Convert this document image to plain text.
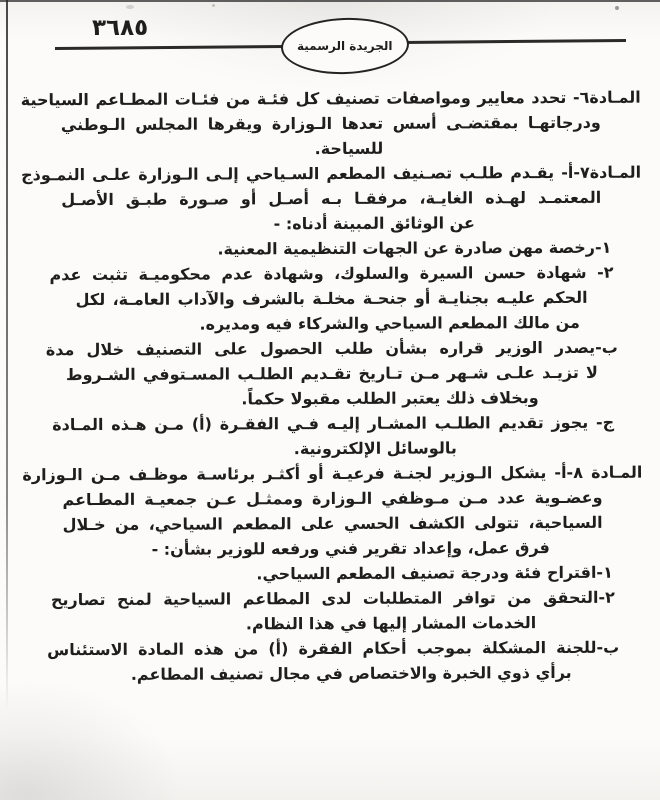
٣٦٨٥
الجريدة الرسمية
المـادة٦- تحدد معايير ومواصفات تصنيف كل فئـة من فئـات المطـاعم السياحية
ودرجاتهـا بمقتضـى أسس تعدها الـوزارة ويقرها المجلس الـوطني
للسياحة.
المـادة٧-أ- يقـدم طلـب تصـنيف المطعم السـياحي إلـى الـوزارة علـى النمـوذج
المعتمـد لهـذه الغايـة، مرفقـا بـه أصـل أو صـورة طبـق الأصـل
عن الوثائق المبينة أدناه: -
١-رخصة مهن صادرة عن الجهات التنظيمية المعنية.
٢- شهادة حسن السيرة والسلوك، وشهادة عدم محكوميـة تثبت عدم
الحكم عليـه بجنايـة أو جنحـة مخلـة بالشرف والآداب العامـة، لكل
من مالك المطعم السياحي والشركاء فيه ومديره.
ب-يصدر الوزير قراره بشأن طلب الحصول على التصنيف خلال مدة
لا تزيـد علـى شـهر مـن تـاريخ تقـديم الطلـب المسـتوفي الشـروط
وبخلاف ذلك يعتبر الطلب مقبولا حكماً.
ج- يجوز تقديم الطلـب المشـار إليـه فـي الفقـرة (أ) مـن هـذه المـادة
بالوسائل الإلكترونية.
المـادة ٨-أ- يشكل الـوزير لجنـة فرعيـة أو أكثـر برئاسـة موظـف مـن الـوزارة
وعضـوية عدد مـن مـوظفي الـوزارة وممثـل عـن جمعيـة المطـاعم
السياحية، تتولى الكشف الحسي على المطعم السياحي، من خـلال
فرق عمل، وإعداد تقرير فني ورفعه للوزير بشأن: -
١-اقتراح فئة ودرجة تصنيف المطعم السياحي.
٢-التحقق من توافر المتطلبات لدى المطاعم السياحية لمنح تصاريح
الخدمات المشار إليها في هذا النظام.
ب-للجنة المشكلة بموجب أحكام الفقرة (أ) من هذه المادة الاستئناس
برأي ذوي الخبرة والاختصاص في مجال تصنيف المطاعم.
